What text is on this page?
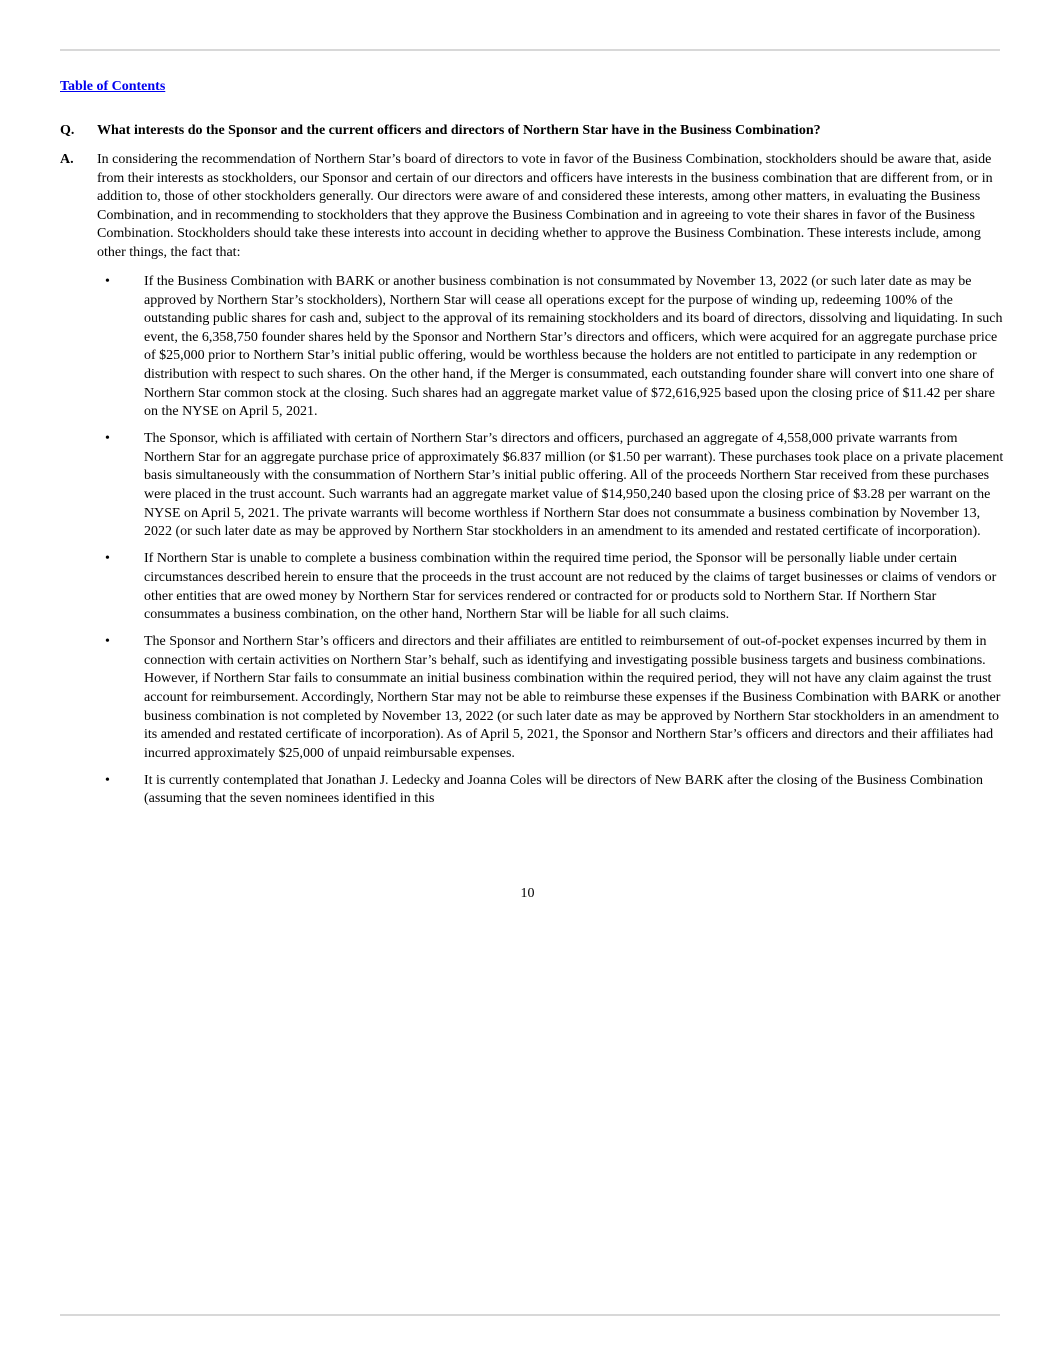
Table of Contents
Q. What interests do the Sponsor and the current officers and directors of Northern Star have in the Business Combination?
A. In considering the recommendation of Northern Star’s board of directors to vote in favor of the Business Combination, stockholders should be aware that, aside from their interests as stockholders, our Sponsor and certain of our directors and officers have interests in the business combination that are different from, or in addition to, those of other stockholders generally. Our directors were aware of and considered these interests, among other matters, in evaluating the Business Combination, and in recommending to stockholders that they approve the Business Combination and in agreeing to vote their shares in favor of the Business Combination. Stockholders should take these interests into account in deciding whether to approve the Business Combination. These interests include, among other things, the fact that:
• If the Business Combination with BARK or another business combination is not consummated by November 13, 2022 (or such later date as may be approved by Northern Star’s stockholders), Northern Star will cease all operations except for the purpose of winding up, redeeming 100% of the outstanding public shares for cash and, subject to the approval of its remaining stockholders and its board of directors, dissolving and liquidating. In such event, the 6,358,750 founder shares held by the Sponsor and Northern Star’s directors and officers, which were acquired for an aggregate purchase price of $25,000 prior to Northern Star’s initial public offering, would be worthless because the holders are not entitled to participate in any redemption or distribution with respect to such shares. On the other hand, if the Merger is consummated, each outstanding founder share will convert into one share of Northern Star common stock at the closing. Such shares had an aggregate market value of $72,616,925 based upon the closing price of $11.42 per share on the NYSE on April 5, 2021.
• The Sponsor, which is affiliated with certain of Northern Star’s directors and officers, purchased an aggregate of 4,558,000 private warrants from Northern Star for an aggregate purchase price of approximately $6.837 million (or $1.50 per warrant). These purchases took place on a private placement basis simultaneously with the consummation of Northern Star’s initial public offering. All of the proceeds Northern Star received from these purchases were placed in the trust account. Such warrants had an aggregate market value of $14,950,240 based upon the closing price of $3.28 per warrant on the NYSE on April 5, 2021. The private warrants will become worthless if Northern Star does not consummate a business combination by November 13, 2022 (or such later date as may be approved by Northern Star stockholders in an amendment to its amended and restated certificate of incorporation).
• If Northern Star is unable to complete a business combination within the required time period, the Sponsor will be personally liable under certain circumstances described herein to ensure that the proceeds in the trust account are not reduced by the claims of target businesses or claims of vendors or other entities that are owed money by Northern Star for services rendered or contracted for or products sold to Northern Star. If Northern Star consummates a business combination, on the other hand, Northern Star will be liable for all such claims.
• The Sponsor and Northern Star’s officers and directors and their affiliates are entitled to reimbursement of out-of-pocket expenses incurred by them in connection with certain activities on Northern Star’s behalf, such as identifying and investigating possible business targets and business combinations. However, if Northern Star fails to consummate an initial business combination within the required period, they will not have any claim against the trust account for reimbursement. Accordingly, Northern Star may not be able to reimburse these expenses if the Business Combination with BARK or another business combination is not completed by November 13, 2022 (or such later date as may be approved by Northern Star stockholders in an amendment to its amended and restated certificate of incorporation). As of April 5, 2021, the Sponsor and Northern Star’s officers and directors and their affiliates had incurred approximately $25,000 of unpaid reimbursable expenses.
• It is currently contemplated that Jonathan J. Ledecky and Joanna Coles will be directors of New BARK after the closing of the Business Combination (assuming that the seven nominees identified in this
10
